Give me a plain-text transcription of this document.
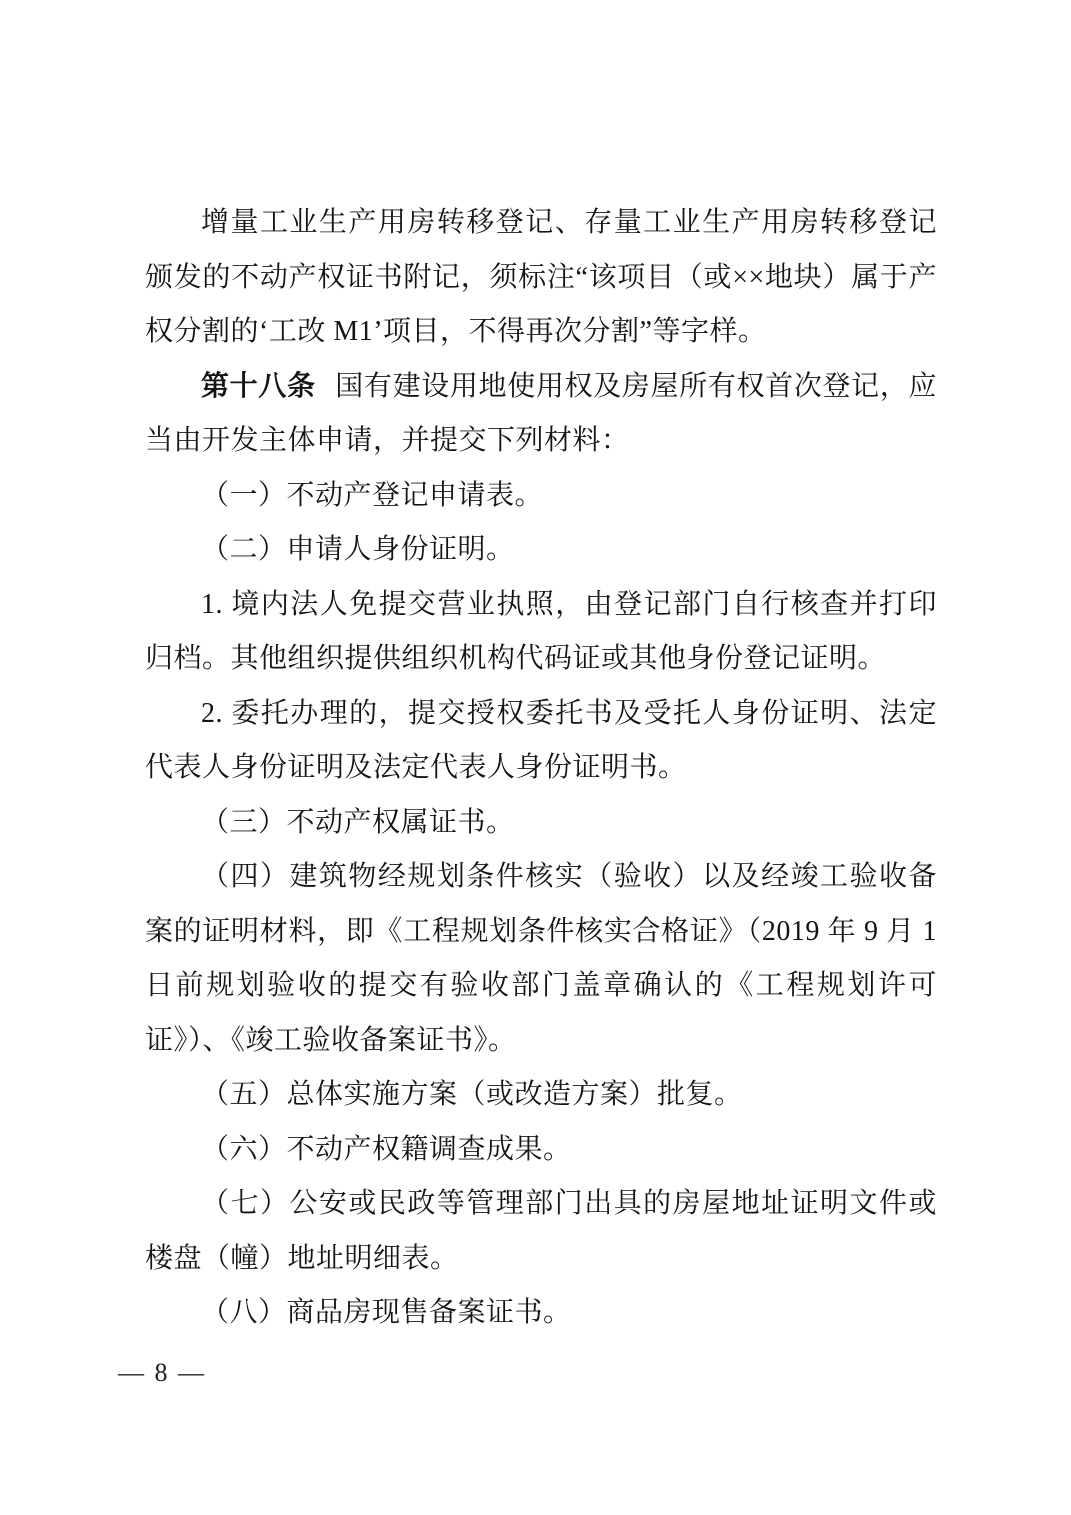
增量工业生产用房转移登记、存量工业生产用房转移登记颁发的不动产权证书附记，须标注“该项目（或××地块）属于产权分割的‘工改 M1’项目，不得再次分割”等字样。

第十八条 国有建设用地使用权及房屋所有权首次登记，应当由开发主体申请，并提交下列材料：

（一）不动产登记申请表。

（二）申请人身份证明。

1. 境内法人免提交营业执照，由登记部门自行核查并打印归档。其他组织提供组织机构代码证或其他身份登记证明。

2. 委托办理的，提交授权委托书及受托人身份证明、法定代表人身份证明及法定代表人身份证明书。

（三）不动产权属证书。

（四）建筑物经规划条件核实（验收）以及经竣工验收备案的证明材料，即《工程规划条件核实合格证》（2019 年 9 月 1 日前规划验收的提交有验收部门盖章确认的《工程规划许可证》）、《竣工验收备案证书》。

（五）总体实施方案（或改造方案）批复。

（六）不动产权籍调查成果。

（七）公安或民政等管理部门出具的房屋地址证明文件或楼盘（幢）地址明细表。

（八）商品房现售备案证书。

— 8 —
